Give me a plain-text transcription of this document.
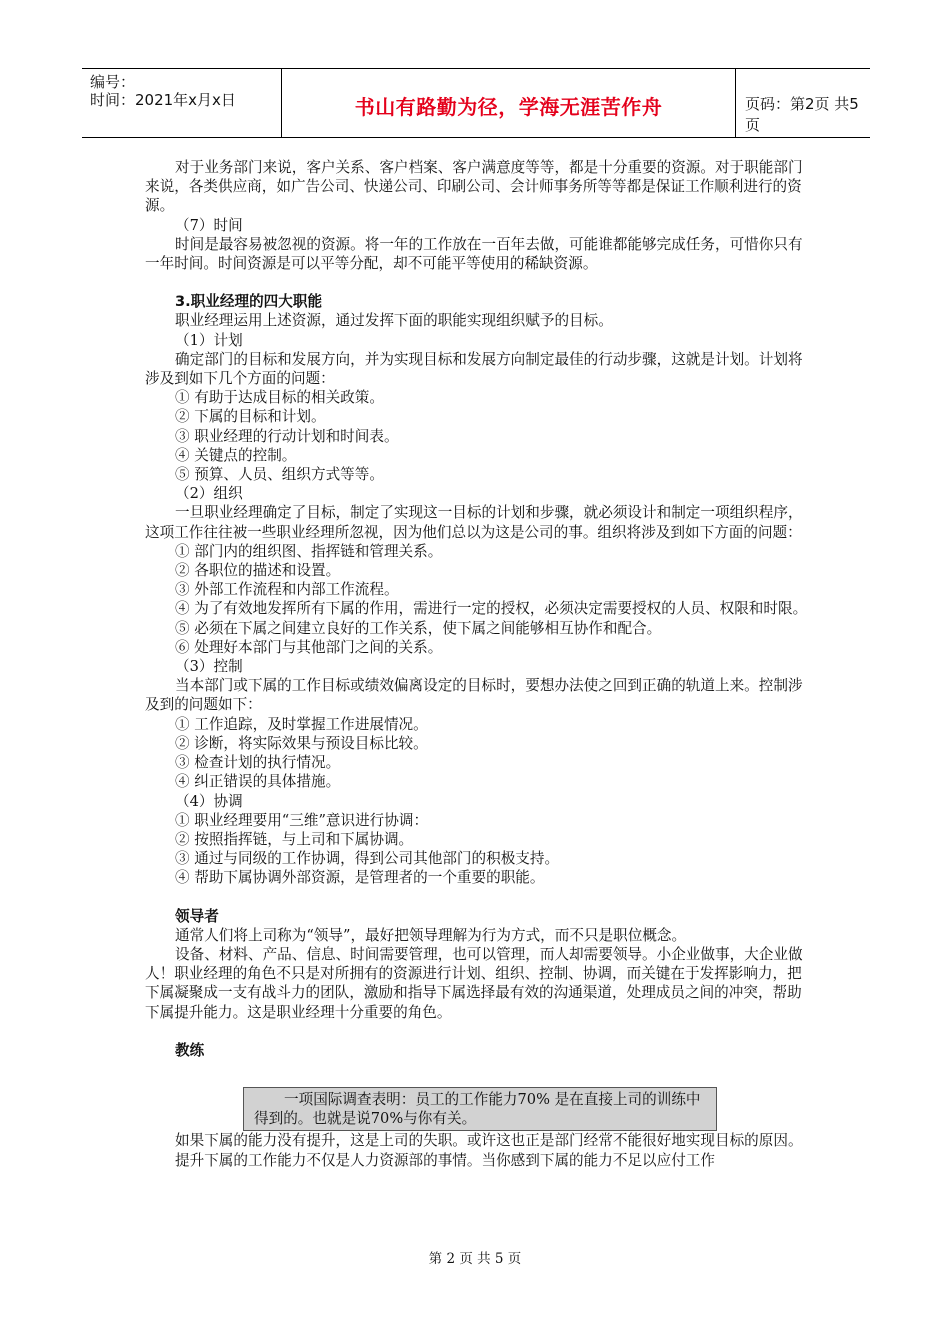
编号：
时间：2021年x月x日	书山有路勤为径，学海无涯苦作舟	页码：第2页 共5页

对于业务部门来说，客户关系、客户档案、客户满意度等等，都是十分重要的资源。对于职能部门来说，各类供应商，如广告公司、快递公司、印刷公司、会计师事务所等等都是保证工作顺利进行的资源。

（7）时间

时间是最容易被忽视的资源。将一年的工作放在一百年去做，可能谁都能够完成任务，可惜你只有一年时间。时间资源是可以平等分配，却不可能平等使用的稀缺资源。

3.职业经理的四大职能

职业经理运用上述资源，通过发挥下面的职能实现组织赋予的目标。

（1）计划

确定部门的目标和发展方向，并为实现目标和发展方向制定最佳的行动步骤，这就是计划。计划将涉及到如下几个方面的问题：

① 有助于达成目标的相关政策。

② 下属的目标和计划。

③ 职业经理的行动计划和时间表。

④ 关键点的控制。

⑤ 预算、人员、组织方式等等。

（2）组织

一旦职业经理确定了目标，制定了实现这一目标的计划和步骤，就必须设计和制定一项组织程序，这项工作往往被一些职业经理所忽视，因为他们总以为这是公司的事。组织将涉及到如下方面的问题：

① 部门内的组织图、指挥链和管理关系。

② 各职位的描述和设置。

③ 外部工作流程和内部工作流程。

④ 为了有效地发挥所有下属的作用，需进行一定的授权，必须决定需要授权的人员、权限和时限。

⑤ 必须在下属之间建立良好的工作关系，使下属之间能够相互协作和配合。

⑥ 处理好本部门与其他部门之间的关系。

（3）控制

当本部门或下属的工作目标或绩效偏离设定的目标时，要想办法使之回到正确的轨道上来。控制涉及到的问题如下：

① 工作追踪，及时掌握工作进展情况。

② 诊断，将实际效果与预设目标比较。

③ 检查计划的执行情况。

④ 纠正错误的具体措施。

（4）协调

① 职业经理要用“三维”意识进行协调：

② 按照指挥链，与上司和下属协调。

③ 通过与同级的工作协调，得到公司其他部门的积极支持。

④ 帮助下属协调外部资源，是管理者的一个重要的职能。

领导者

通常人们将上司称为“领导”，最好把领导理解为行为方式，而不只是职位概念。

设备、材料、产品、信息、时间需要管理，也可以管理，而人却需要领导。小企业做事，大企业做人！职业经理的角色不只是对所拥有的资源进行计划、组织、控制、协调，而关键在于发挥影响力，把下属凝聚成一支有战斗力的团队，激励和指导下属选择最有效的沟通渠道，处理成员之间的冲突，帮助下属提升能力。这是职业经理十分重要的角色。

教练

一项国际调查表明：员工的工作能力70% 是在直接上司的训练中得到的。也就是说70%与你有关。

如果下属的能力没有提升，这是上司的失职。或许这也正是部门经常不能很好地实现目标的原因。

提升下属的工作能力不仅是人力资源部的事情。当你感到下属的能力不足以应付工作

第 2 页 共 5 页
